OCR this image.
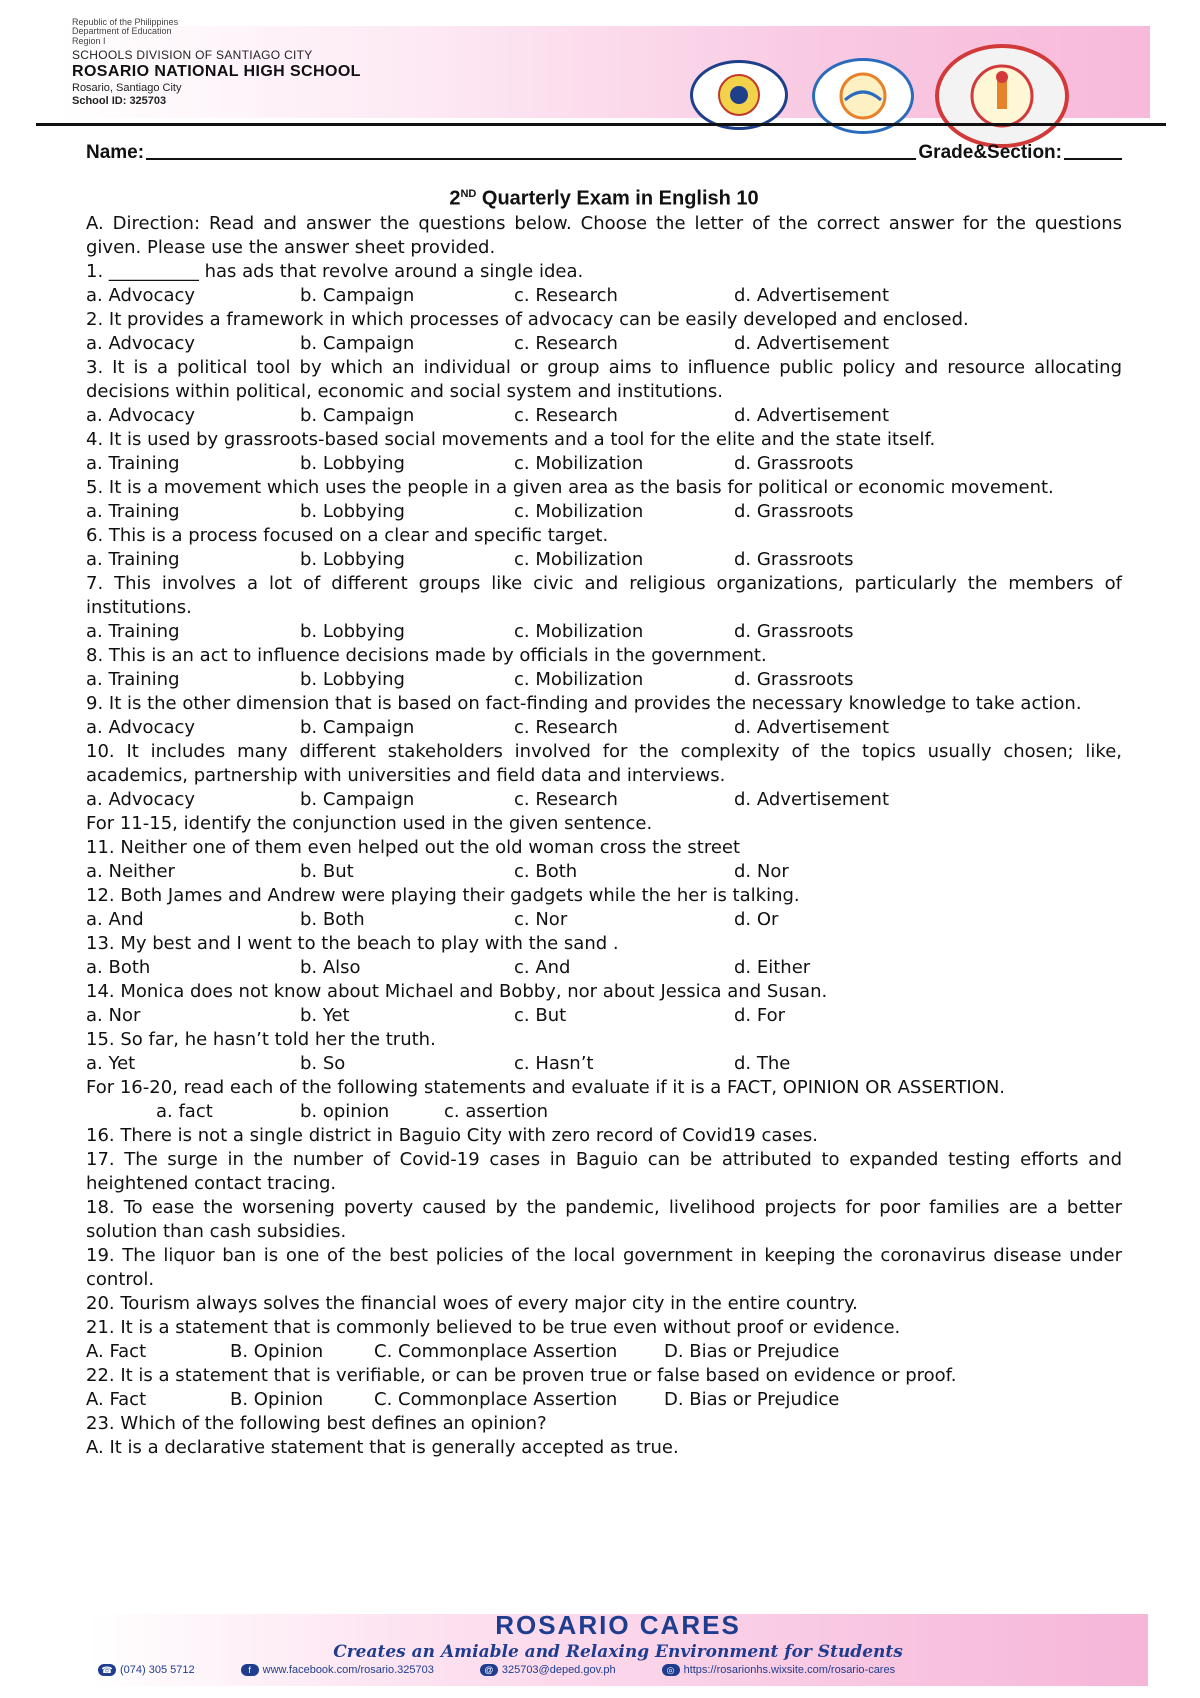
Republic of the Philippines
Department of Education
Region I
SCHOOLS DIVISION OF SANTIAGO CITY
ROSARIO NATIONAL HIGH SCHOOL
Rosario, Santiago City
School ID: 325703
Name:	Grade&Section:
2ND Quarterly Exam in English 10
A. Direction: Read and answer the questions below. Choose the letter of the correct answer for the questions given. Please use the answer sheet provided.
1. __________ has ads that revolve around a single idea.
a. Advocacy	b. Campaign	c. Research	d. Advertisement
2. It provides a framework in which processes of advocacy can be easily developed and enclosed.
a. Advocacy	b. Campaign	c. Research	d. Advertisement
3. It is a political tool by which an individual or group aims to influence public policy and resource allocating decisions within political, economic and social system and institutions.
a. Advocacy	b. Campaign	c. Research	d. Advertisement
4. It is used by grassroots-based social movements and a tool for the elite and the state itself.
a. Training	b. Lobbying	c. Mobilization	d. Grassroots
5. It is a movement which uses the people in a given area as the basis for political or economic movement.
a. Training	b. Lobbying	c. Mobilization	d. Grassroots
6. This is a process focused on a clear and specific target.
a. Training	b. Lobbying	c. Mobilization	d. Grassroots
7. This involves a lot of different groups like civic and religious organizations, particularly the members of institutions.
a. Training	b. Lobbying	c. Mobilization	d. Grassroots
8. This is an act to influence decisions made by officials in the government.
a. Training	b. Lobbying	c. Mobilization	d. Grassroots
9. It is the other dimension that is based on fact-finding and provides the necessary knowledge to take action.
a. Advocacy	b. Campaign	c. Research	d. Advertisement
10. It includes many different stakeholders involved for the complexity of the topics usually chosen; like, academics, partnership with universities and field data and interviews.
a. Advocacy	b. Campaign	c. Research	d. Advertisement
For 11-15, identify the conjunction used in the given sentence.
11. Neither one of them even helped out the old woman cross the street
a. Neither	b. But	c. Both	d. Nor
12. Both James and Andrew were playing their gadgets while the her is talking.
a. And	b. Both	c. Nor	d. Or
13. My best and I went to the beach to play with the sand .
a. Both	b. Also	c. And	d. Either
14. Monica does not know about Michael and Bobby, nor about Jessica and Susan.
a. Nor	b. Yet	c. But	d. For
15. So far, he hasn’t told her the truth.
a. Yet	b. So	c. Hasn’t	d. The
For 16-20, read each of the following statements and evaluate if it is a FACT, OPINION OR ASSERTION.
a. fact	b. opinion	c. assertion
16. There is not a single district in Baguio City with zero record of Covid19 cases.
17. The surge in the number of Covid-19 cases in Baguio can be attributed to expanded testing efforts and heightened contact tracing.
18. To ease the worsening poverty caused by the pandemic, livelihood projects for poor families are a better solution than cash subsidies.
19. The liquor ban is one of the best policies of the local government in keeping the coronavirus disease under control.
20. Tourism always solves the financial woes of every major city in the entire country.
21. It is a statement that is commonly believed to be true even without proof or evidence.
A. Fact	B. Opinion	C. Commonplace Assertion	D. Bias or Prejudice
22. It is a statement that is verifiable, or can be proven true or false based on evidence or proof.
A. Fact	B. Opinion	C. Commonplace Assertion	D. Bias or Prejudice
23. Which of the following best defines an opinion?
A. It is a declarative statement that is generally accepted as true.
ROSARIO CARES
Creates an Amiable and Relaxing Environment for Students
☎ (074) 305 5712	f www.facebook.com/rosario.325703	@ 325703@deped.gov.ph	◎ https://rosarionhs.wixsite.com/rosario-cares
